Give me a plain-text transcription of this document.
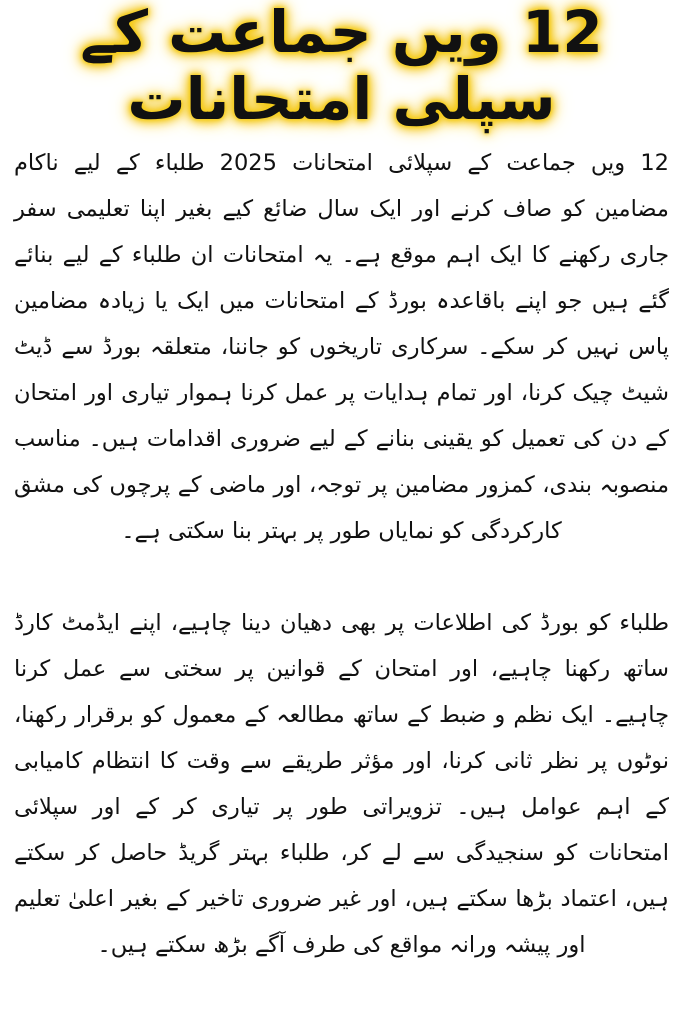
12 ویں جماعت کے سپلی امتحانات

12 ویں جماعت کے سپلائی امتحانات 2025 طلباء کے لیے ناکام مضامین کو صاف کرنے اور ایک سال ضائع کیے بغیر اپنا تعلیمی سفر جاری رکھنے کا ایک اہم موقع ہے۔ یہ امتحانات ان طلباء کے لیے بنائے گئے ہیں جو اپنے باقاعدہ بورڈ کے امتحانات میں ایک یا زیادہ مضامین پاس نہیں کر سکے۔ سرکاری تاریخوں کو جاننا، متعلقہ بورڈ سے ڈیٹ شیٹ چیک کرنا، اور تمام ہدایات پر عمل کرنا ہموار تیاری اور امتحان کے دن کی تعمیل کو یقینی بنانے کے لیے ضروری اقدامات ہیں۔ مناسب منصوبہ بندی، کمزور مضامین پر توجہ، اور ماضی کے پرچوں کی مشق کارکردگی کو نمایاں طور پر بہتر بنا سکتی ہے۔

طلباء کو بورڈ کی اطلاعات پر بھی دھیان دینا چاہیے، اپنے ایڈمٹ کارڈ ساتھ رکھنا چاہیے، اور امتحان کے قوانین پر سختی سے عمل کرنا چاہیے۔ ایک نظم و ضبط کے ساتھ مطالعہ کے معمول کو برقرار رکھنا، نوٹوں پر نظر ثانی کرنا، اور مؤثر طریقے سے وقت کا انتظام کامیابی کے اہم عوامل ہیں۔ تزویراتی طور پر تیاری کر کے اور سپلائی امتحانات کو سنجیدگی سے لے کر، طلباء بہتر گریڈ حاصل کر سکتے ہیں، اعتماد بڑھا سکتے ہیں، اور غیر ضروری تاخیر کے بغیر اعلیٰ تعلیم اور پیشہ ورانہ مواقع کی طرف آگے بڑھ سکتے ہیں۔
